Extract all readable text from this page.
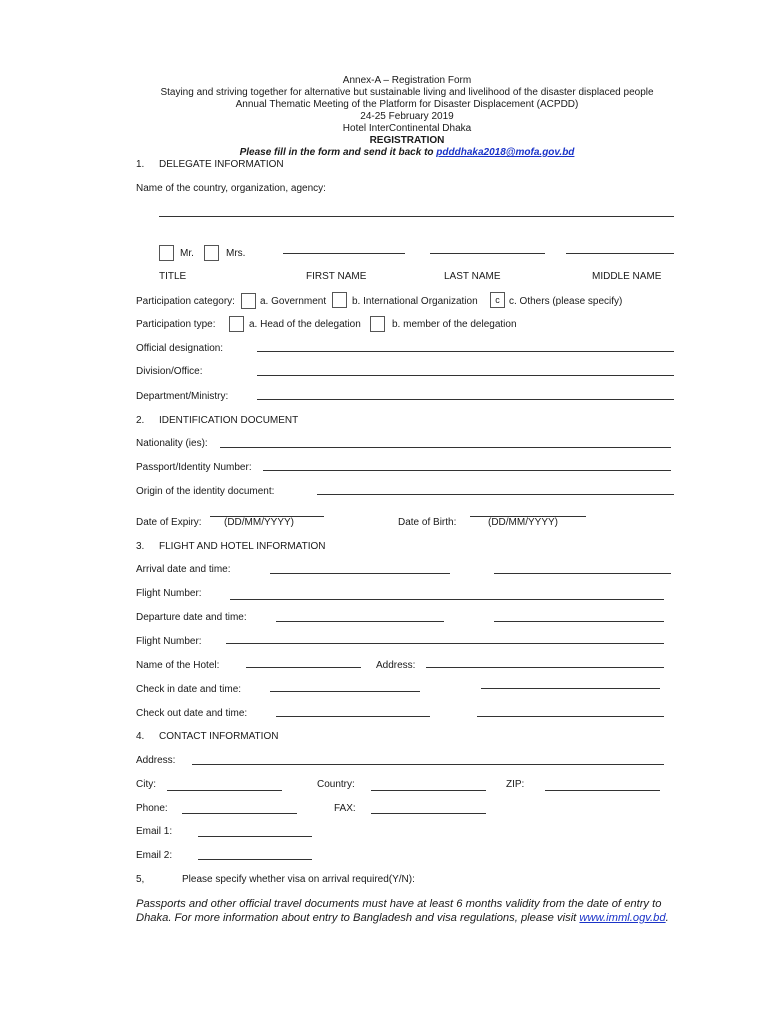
Annex-A – Registration Form
Staying and striving together for alternative but sustainable living and livelihood of the disaster displaced people
Annual Thematic Meeting of the Platform for Disaster Displacement (ACPDD)
24-25 February 2019
Hotel InterContinental Dhaka
REGISTRATION
Please fill in the form and send it back to pdddhaka2018@mofa.gov.bd
1. DELEGATE INFORMATION
Name of the country, organization, agency:
Mr.	Mrs.
TITLE	FIRST NAME	LAST NAME	MIDDLE NAME
Participation category:	a. Government	b. International Organization	c c. Others (please specify)
Participation type:	a. Head of the delegation	b. member of the delegation
Official designation:
Division/Office:
Department/Ministry:
2. IDENTIFICATION DOCUMENT
Nationality (ies):
Passport/Identity Number:
Origin of the identity document:
Date of Expiry: (DD/MM/YYYY)	Date of Birth:	(DD/MM/YYYY)
3. FLIGHT AND HOTEL INFORMATION
Arrival date and time:
Flight Number:
Departure date and time:
Flight Number:
Name of the Hotel:	Address:
Check in date and time:
Check out date and time:
4. CONTACT INFORMATION
Address:
City:	Country:	ZIP:
Phone:	FAX:
Email 1:
Email 2:
5,	Please specify whether visa on arrival required(Y/N):
Passports and other official travel documents must have at least 6 months validity from the date of entry to Dhaka. For more information about entry to Bangladesh and visa regulations, please visit www.imml.ogv.bd.
